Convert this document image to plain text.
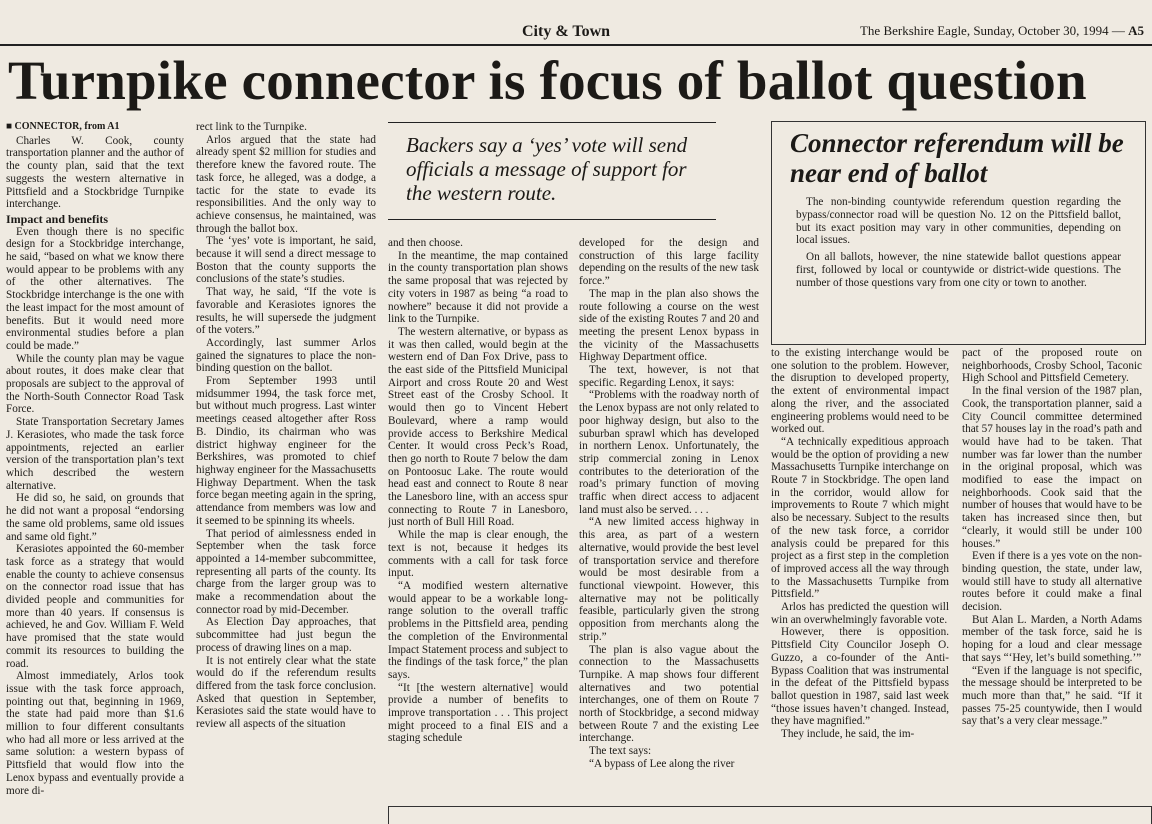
City & Town	The Berkshire Eagle, Sunday, October 30, 1994 — A5
Turnpike connector is focus of ballot question

■ CONNECTOR, from A1

Charles W. Cook, county transportation planner and the author of the county plan, said that the text suggests the western alternative in Pittsfield and a Stockbridge Turnpike interchange.

Impact and benefits

Even though there is no specific design for a Stockbridge interchange, he said, “based on what we know there would appear to be problems with any of the other alternatives. The Stockbridge interchange is the one with the least impact for the most amount of benefits. But it would need more environmental studies before a plan could be made.”

While the county plan may be vague about routes, it does make clear that proposals are subject to the approval of the North-South Connector Road Task Force.

State Transportation Secretary James J. Kerasiotes, who made the task force appointments, rejected an earlier version of the transportation plan’s text which described the western alternative.

He did so, he said, on grounds that he did not want a proposal “endorsing the same old problems, same old issues and same old fight.”

Kerasiotes appointed the 60-member task force as a strategy that would enable the county to achieve consensus on the connector road issue that has divided people and communities for more than 40 years. If consensus is achieved, he and Gov. William F. Weld have promised that the state would commit its resources to building the road.

Almost immediately, Arlos took issue with the task force approach, pointing out that, beginning in 1969, the state had paid more than $1.6 million to four different consultants who had all more or less arrived at the same solution: a western bypass of Pittsfield that would flow into the Lenox bypass and eventually provide a more di-

rect link to the Turnpike.

Arlos argued that the state had already spent $2 million for studies and therefore knew the favored route. The task force, he alleged, was a dodge, a tactic for the state to evade its responsibilities. And the only way to achieve consensus, he maintained, was through the ballot box.

The ‘yes’ vote is important, he said, because it will send a direct message to Boston that the county supports the conclusions of the state’s studies.

That way, he said, “If the vote is favorable and Kerasiotes ignores the results, he will supersede the judgment of the voters.”

Accordingly, last summer Arlos gained the signatures to place the non-binding question on the ballot.

From September 1993 until midsummer 1994, the task force met, but without much progress. Last winter meetings ceased altogether after Ross B. Dindio, its chairman who was district highway engineer for the Berkshires, was promoted to chief highway engineer for the Massachusetts Highway Department. When the task force began meeting again in the spring, attendance from members was low and it seemed to be spinning its wheels.

That period of aimlessness ended in September when the task force appointed a 14-member subcommittee, representing all parts of the county. Its charge from the larger group was to make a recommendation about the connector road by mid-December.

As Election Day approaches, that subcommittee had just begun the process of drawing lines on a map.

It is not entirely clear what the state would do if the referendum results differed from the task force conclusion. Asked that question in September, Kerasiotes said the state would have to review all aspects of the situation

Backers say a ‘yes’ vote will send officials a message of support for the western route.

and then choose.

In the meantime, the map contained in the county transportation plan shows the same proposal that was rejected by city voters in 1987 as being “a road to nowhere” because it did not provide a link to the Turnpike.

The western alternative, or bypass as it was then called, would begin at the western end of Dan Fox Drive, pass to the east side of the Pittsfield Municipal Airport and cross Route 20 and West Street east of the Crosby School. It would then go to Vincent Hebert Boulevard, where a ramp would provide access to Berkshire Medical Center. It would cross Peck’s Road, then go north to Route 7 below the dam on Pontoosuc Lake. The route would head east and connect to Route 8 near the Lanesboro line, with an access spur connecting to Route 7 in Lanesboro, just north of Bull Hill Road.

While the map is clear enough, the text is not, because it hedges its comments with a call for task force input.

“A modified western alternative would appear to be a workable long-range solution to the overall traffic problems in the Pittsfield area, pending the completion of the Environmental Impact Statement process and subject to the findings of the task force,” the plan says.

“It [the western alternative] would provide a number of benefits to improve transportation . . . This project might proceed to a final EIS and a staging schedule

developed for the design and construction of this large facility depending on the results of the new task force.”

The map in the plan also shows the route following a course on the west side of the existing Routes 7 and 20 and meeting the present Lenox bypass in the vicinity of the Massachusetts Highway Department office.

The text, however, is not that specific. Regarding Lenox, it says:

“Problems with the roadway north of the Lenox bypass are not only related to poor highway design, but also to the suburban sprawl which has developed in northern Lenox. Unfortunately, the strip commercial zoning in Lenox contributes to the deterioration of the road’s primary function of moving traffic when direct access to adjacent land must also be served. . . .

“A new limited access highway in this area, as part of a western alternative, would provide the best level of transportation service and therefore would be most desirable from a functional viewpoint. However, this alternative may not be politically feasible, particularly given the strong opposition from merchants along the strip.”

The plan is also vague about the connection to the Massachusetts Turnpike. A map shows four different alternatives and two potential interchanges, one of them on Route 7 north of Stockbridge, a second midway between Route 7 and the existing Lee interchange.

The text says:

“A bypass of Lee along the river

Connector referendum will be near end of ballot

The non-binding countywide referendum question regarding the bypass/connector road will be question No. 12 on the Pittsfield ballot, but its exact position may vary in other communities, depending on local issues.

On all ballots, however, the nine statewide ballot questions appear first, followed by local or countywide or district-wide questions. The number of those questions vary from one city or town to another.

to the existing interchange would be one solution to the problem. However, the disruption to developed property, the extent of environmental impact along the river, and the associated engineering problems would need to be worked out.

“A technically expeditious approach would be the option of providing a new Massachusetts Turnpike interchange on Route 7 in Stockbridge. The open land in the corridor, would allow for improvements to Route 7 which might also be necessary. Subject to the results of the new task force, a corridor analysis could be prepared for this project as a first step in the completion of improved access all the way through to the Massachusetts Turnpike from Pittsfield.”

Arlos has predicted the question will win an overwhelmingly favorable vote.

However, there is opposition. Pittsfield City Councilor Joseph O. Guzzo, a co-founder of the Anti-Bypass Coalition that was instrumental in the defeat of the Pittsfield bypass ballot question in 1987, said last week “those issues haven’t changed. Instead, they have magnified.”

They include, he said, the im-

pact of the proposed route on neighborhoods, Crosby School, Taconic High School and Pittsfield Cemetery.

In the final version of the 1987 plan, Cook, the transportation planner, said a City Council committee determined that 57 houses lay in the road’s path and would have had to be taken. That number was far lower than the number in the original proposal, which was modified to ease the impact on neighborhoods. Cook said that the number of houses that would have to be taken has increased since then, but “clearly, it would still be under 100 houses.”

Even if there is a yes vote on the non-binding question, the state, under law, would still have to study all alternative routes before it could make a final decision.

But Alan L. Marden, a North Adams member of the task force, said he is hoping for a loud and clear message that says “‘Hey, let’s build something.’”

“Even if the language is not specific, the message should be interpreted to be much more than that,” he said. “If it passes 75-25 countywide, then I would say that’s a very clear message.”
